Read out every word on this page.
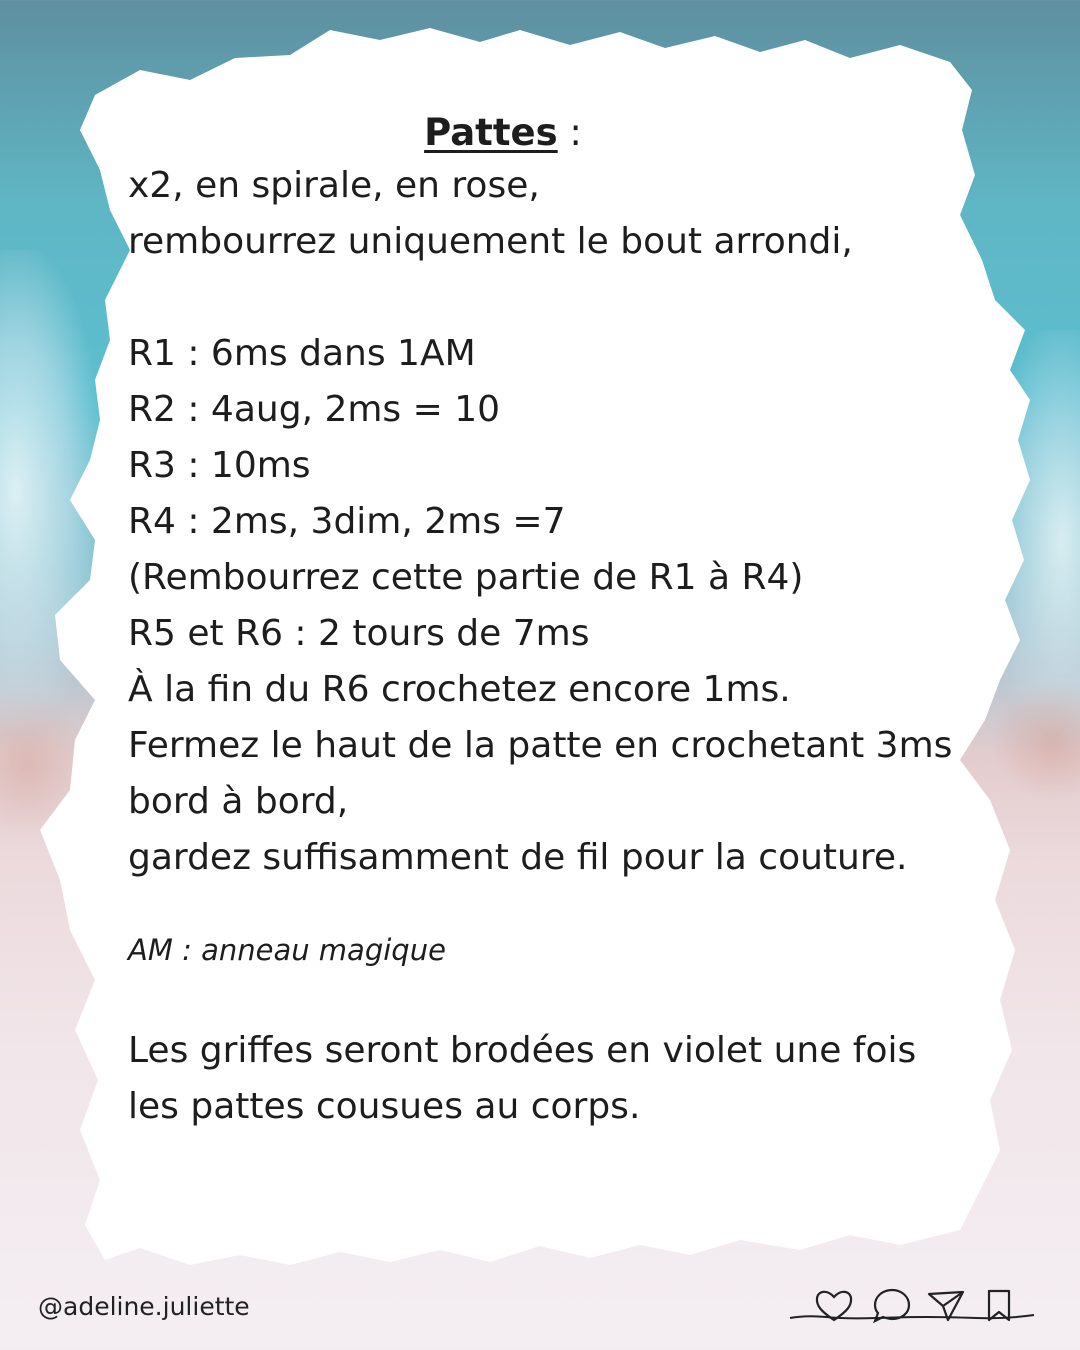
Pattes :
x2, en spirale, en rose,
rembourrez uniquement le bout arrondi,
R1 : 6ms dans 1AM
R2 : 4aug, 2ms = 10
R3 : 10ms
R4 : 2ms, 3dim, 2ms =7
(Rembourrez cette partie de R1 à R4)
R5 et R6 : 2 tours de 7ms
À la fin du R6 crochetez encore 1ms.
Fermez le haut de la patte en crochetant 3ms
bord à bord,
gardez suffisamment de fil pour la couture.
AM : anneau magique
Les griffes seront brodées en violet une fois
les pattes cousues au corps.
@adeline.juliette
